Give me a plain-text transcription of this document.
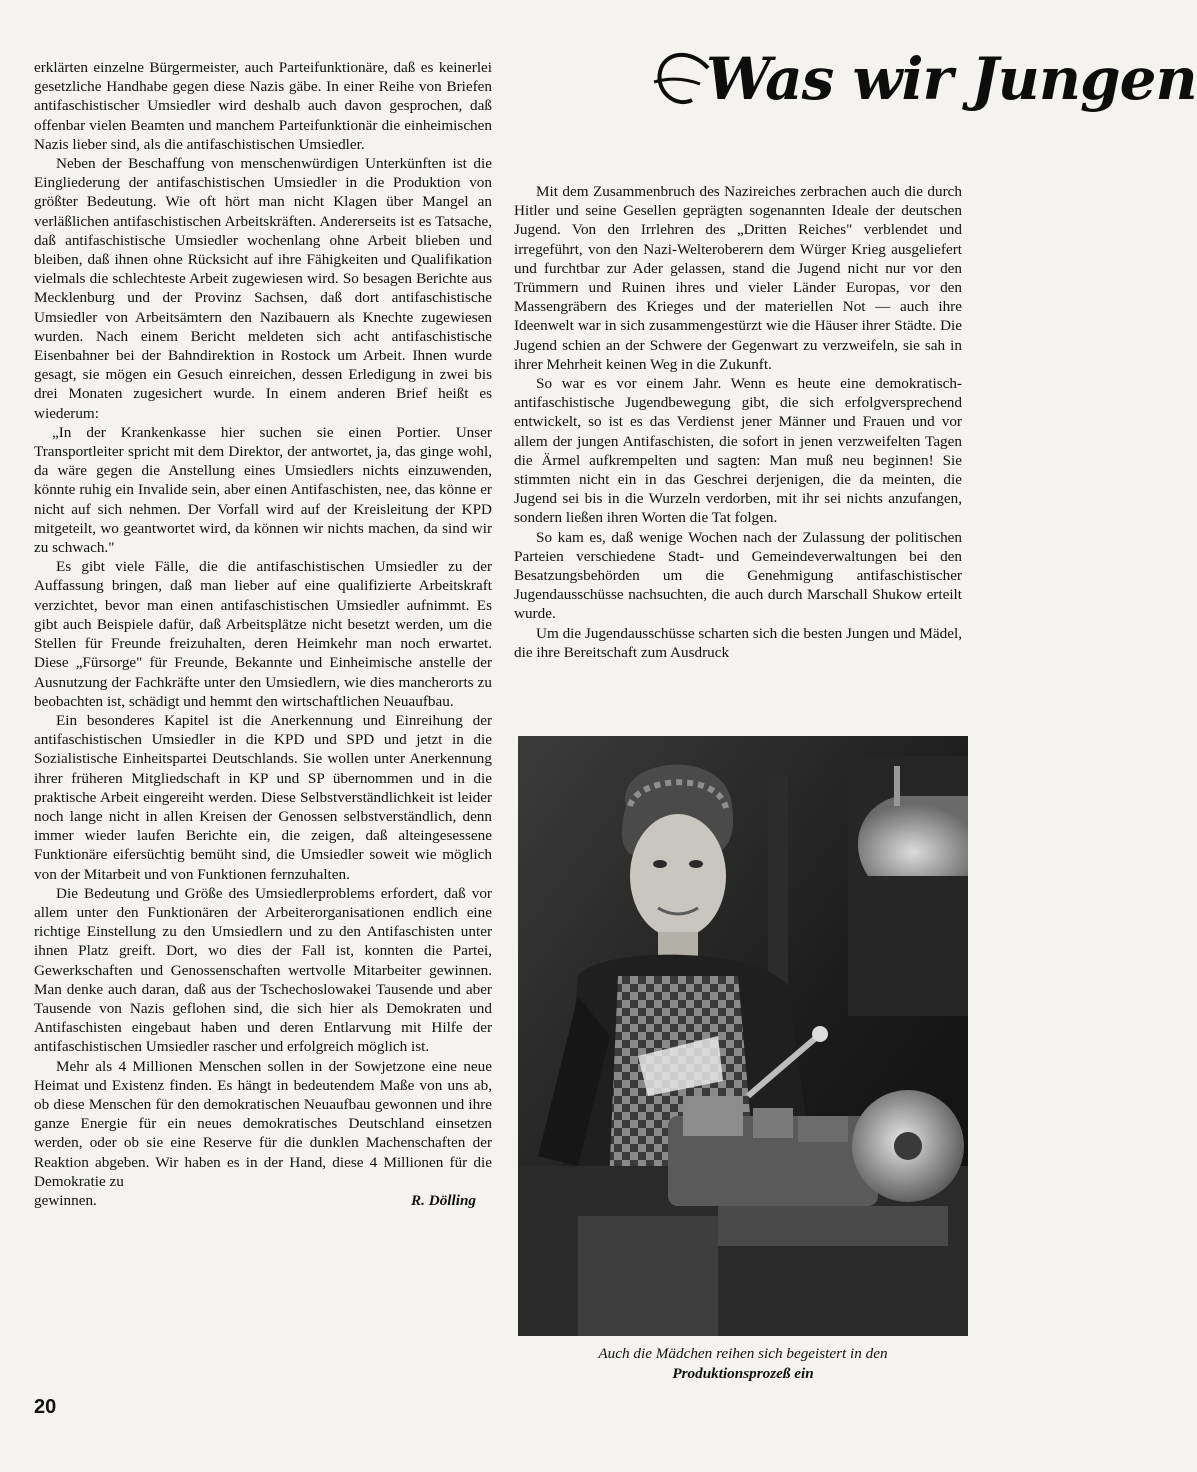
Was wir Jungen

erklärten einzelne Bürgermeister, auch Parteifunktionäre, daß es keinerlei gesetzliche Handhabe gegen diese Nazis gäbe. In einer Reihe von Briefen antifaschistischer Umsiedler wird deshalb auch davon gesprochen, daß offenbar vielen Beamten und manchem Parteifunktionär die einheimischen Nazis lieber sind, als die antifaschistischen Umsiedler.

Neben der Beschaffung von menschenwürdigen Unterkünften ist die Eingliederung der antifaschistischen Umsiedler in die Produktion von größter Bedeutung. Wie oft hört man nicht Klagen über Mangel an verläßlichen antifaschistischen Arbeitskräften. Andererseits ist es Tatsache, daß antifaschistische Umsiedler wochenlang ohne Arbeit blieben und bleiben, daß ihnen ohne Rücksicht auf ihre Fähigkeiten und Qualifikation vielmals die schlechteste Arbeit zugewiesen wird. So besagen Berichte aus Mecklenburg und der Provinz Sachsen, daß dort antifaschistische Umsiedler von Arbeitsämtern den Nazibauern als Knechte zugewiesen wurden. Nach einem Bericht meldeten sich acht antifaschistische Eisenbahner bei der Bahndirektion in Rostock um Arbeit. Ihnen wurde gesagt, sie mögen ein Gesuch einreichen, dessen Erledigung in zwei bis drei Monaten zugesichert wurde. In einem anderen Brief heißt es wiederum:

„In der Krankenkasse hier suchen sie einen Portier. Unser Transportleiter spricht mit dem Direktor, der antwortet, ja, das ginge wohl, da wäre gegen die Anstellung eines Umsiedlers nichts einzuwenden, könnte ruhig ein Invalide sein, aber einen Antifaschisten, nee, das könne er nicht auf sich nehmen. Der Vorfall wird auf der Kreisleitung der KPD mitgeteilt, wo geantwortet wird, da können wir nichts machen, da sind wir zu schwach."

Es gibt viele Fälle, die die antifaschistischen Umsiedler zu der Auffassung bringen, daß man lieber auf eine qualifizierte Arbeitskraft verzichtet, bevor man einen antifaschistischen Umsiedler aufnimmt. Es gibt auch Beispiele dafür, daß Arbeitsplätze nicht besetzt werden, um die Stellen für Freunde freizuhalten, deren Heimkehr man noch erwartet. Diese „Fürsorge" für Freunde, Bekannte und Einheimische anstelle der Ausnutzung der Fachkräfte unter den Umsiedlern, wie dies mancherorts zu beobachten ist, schädigt und hemmt den wirtschaftlichen Neuaufbau.

Ein besonderes Kapitel ist die Anerkennung und Einreihung der antifaschistischen Umsiedler in die KPD und SPD und jetzt in die Sozialistische Einheitspartei Deutschlands. Sie wollen unter Anerkennung ihrer früheren Mitgliedschaft in KP und SP übernommen und in die praktische Arbeit eingereiht werden. Diese Selbstverständlichkeit ist leider noch lange nicht in allen Kreisen der Genossen selbstverständlich, denn immer wieder laufen Berichte ein, die zeigen, daß alteingesessene Funktionäre eifersüchtig bemüht sind, die Umsiedler soweit wie möglich von der Mitarbeit und von Funktionen fernzuhalten.

Die Bedeutung und Größe des Umsiedlerproblems erfordert, daß vor allem unter den Funktionären der Arbeiterorganisationen endlich eine richtige Einstellung zu den Umsiedlern und zu den Antifaschisten unter ihnen Platz greift. Dort, wo dies der Fall ist, konnten die Partei, Gewerkschaften und Genossenschaften wertvolle Mitarbeiter gewinnen. Man denke auch daran, daß aus der Tschechoslowakei Tausende und aber Tausende von Nazis geflohen sind, die sich hier als Demokraten und Antifaschisten eingebaut haben und deren Entlarvung mit Hilfe der antifaschistischen Umsiedler rascher und erfolgreich möglich ist.

Mehr als 4 Millionen Menschen sollen in der Sowjetzone eine neue Heimat und Existenz finden. Es hängt in bedeutendem Maße von uns ab, ob diese Menschen für den demokratischen Neuaufbau gewonnen und ihre ganze Energie für ein neues demokratisches Deutschland einsetzen werden, oder ob sie eine Reserve für die dunklen Machenschaften der Reaktion abgeben. Wir haben es in der Hand, diese 4 Millionen für die Demokratie zu

gewinnen.	R. Dölling

Mit dem Zusammenbruch des Nazireiches zerbrachen auch die durch Hitler und seine Gesellen geprägten sogenannten Ideale der deutschen Jugend. Von den Irrlehren des „Dritten Reiches" verblendet und irregeführt, von den Nazi-Welteroberern dem Würger Krieg ausgeliefert und furchtbar zur Ader gelassen, stand die Jugend nicht nur vor den Trümmern und Ruinen ihres und vieler Länder Europas, vor den Massengräbern des Krieges und der materiellen Not — auch ihre Ideenwelt war in sich zusammengestürzt wie die Häuser ihrer Städte. Die Jugend schien an der Schwere der Gegenwart zu verzweifeln, sie sah in ihrer Mehrheit keinen Weg in die Zukunft.

So war es vor einem Jahr. Wenn es heute eine demokratisch-antifaschistische Jugendbewegung gibt, die sich erfolgversprechend entwickelt, so ist es das Verdienst jener Männer und Frauen und vor allem der jungen Antifaschisten, die sofort in jenen verzweifelten Tagen die Ärmel aufkrempelten und sagten: Man muß neu beginnen! Sie stimmten nicht ein in das Geschrei derjenigen, die da meinten, die Jugend sei bis in die Wurzeln verdorben, mit ihr sei nichts anzufangen, sondern ließen ihren Worten die Tat folgen.

So kam es, daß wenige Wochen nach der Zulassung der politischen Parteien verschiedene Stadt- und Gemeindeverwaltungen bei den Besatzungsbehörden um die Genehmigung antifaschistischer Jugendausschüsse nachsuchten, die auch durch Marschall Shukow erteilt wurde.

Um die Jugendausschüsse scharten sich die besten Jungen und Mädel, die ihre Bereitschaft zum Ausdruck

Auch die Mädchen reihen sich begeistert in den
Produktionsprozeß ein
20
